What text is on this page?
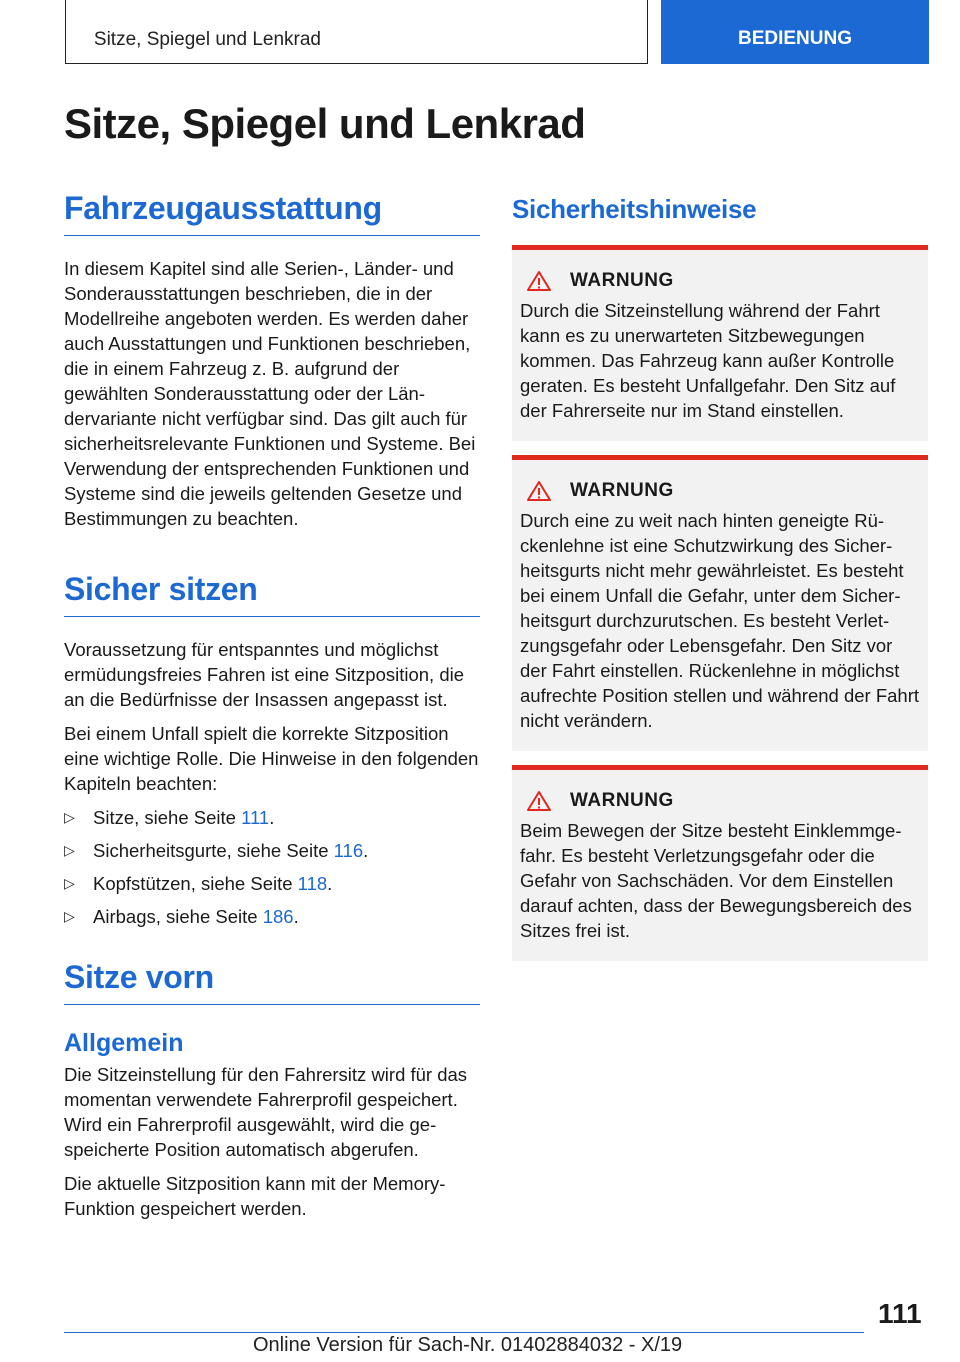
Sitze, Spiegel und Lenkrad	BEDIENUNG
Sitze, Spiegel und Lenkrad
Fahrzeugausstattung

In diesem Kapitel sind alle Serien-, Länder- und Sonderausstattungen beschrieben, die in der Modellreihe angeboten werden. Es werden daher auch Ausstattungen und Funktionen beschrieben, die in einem Fahrzeug z. B. aufgrund der gewählten Sonderausstattung oder der Ländervariante nicht verfügbar sind. Das gilt auch für sicherheitsrelevante Funktionen und Systeme. Bei Verwendung der entsprechenden Funktionen und Systeme sind die jeweils geltenden Gesetze und Bestimmungen zu beachten.

Sicher sitzen

Voraussetzung für entspanntes und möglichst ermüdungsfreies Fahren ist eine Sitzposition, die an die Bedürfnisse der Insassen angepasst ist.

Bei einem Unfall spielt die korrekte Sitzposition eine wichtige Rolle. Die Hinweise in den folgenden Kapiteln beachten:

▷ Sitze, siehe Seite 111.
▷ Sicherheitsgurte, siehe Seite 116.
▷ Kopfstützen, siehe Seite 118.
▷ Airbags, siehe Seite 186.
Sitze vorn
Allgemein

Die Sitzeinstellung für den Fahrersitz wird für das momentan verwendete Fahrerprofil gespeichert. Wird ein Fahrerprofil ausgewählt, wird die gespeicherte Position automatisch abgerufen.

Die aktuelle Sitzposition kann mit der Memory-Funktion gespeichert werden.

Sicherheitshinweise
WARNUNG

Durch die Sitzeinstellung während der Fahrt kann es zu unerwarteten Sitzbewegungen kommen. Das Fahrzeug kann außer Kontrolle geraten. Es besteht Unfallgefahr. Den Sitz auf der Fahrerseite nur im Stand einstellen.

WARNUNG

Durch eine zu weit nach hinten geneigte Rückenlehne ist eine Schutzwirkung des Sicherheitsgurts nicht mehr gewährleistet. Es besteht bei einem Unfall die Gefahr, unter dem Sicherheitsgurt durchzurutschen. Es besteht Verletzungsgefahr oder Lebensgefahr. Den Sitz vor der Fahrt einstellen. Rückenlehne in möglichst aufrechte Position stellen und während der Fahrt nicht verändern.

WARNUNG

Beim Bewegen der Sitze besteht Einklemmgefahr. Es besteht Verletzungsgefahr oder die Gefahr von Sachschäden. Vor dem Einstellen darauf achten, dass der Bewegungsbereich des Sitzes frei ist.

111
Online Version für Sach-Nr. 01402884032 - X/19
